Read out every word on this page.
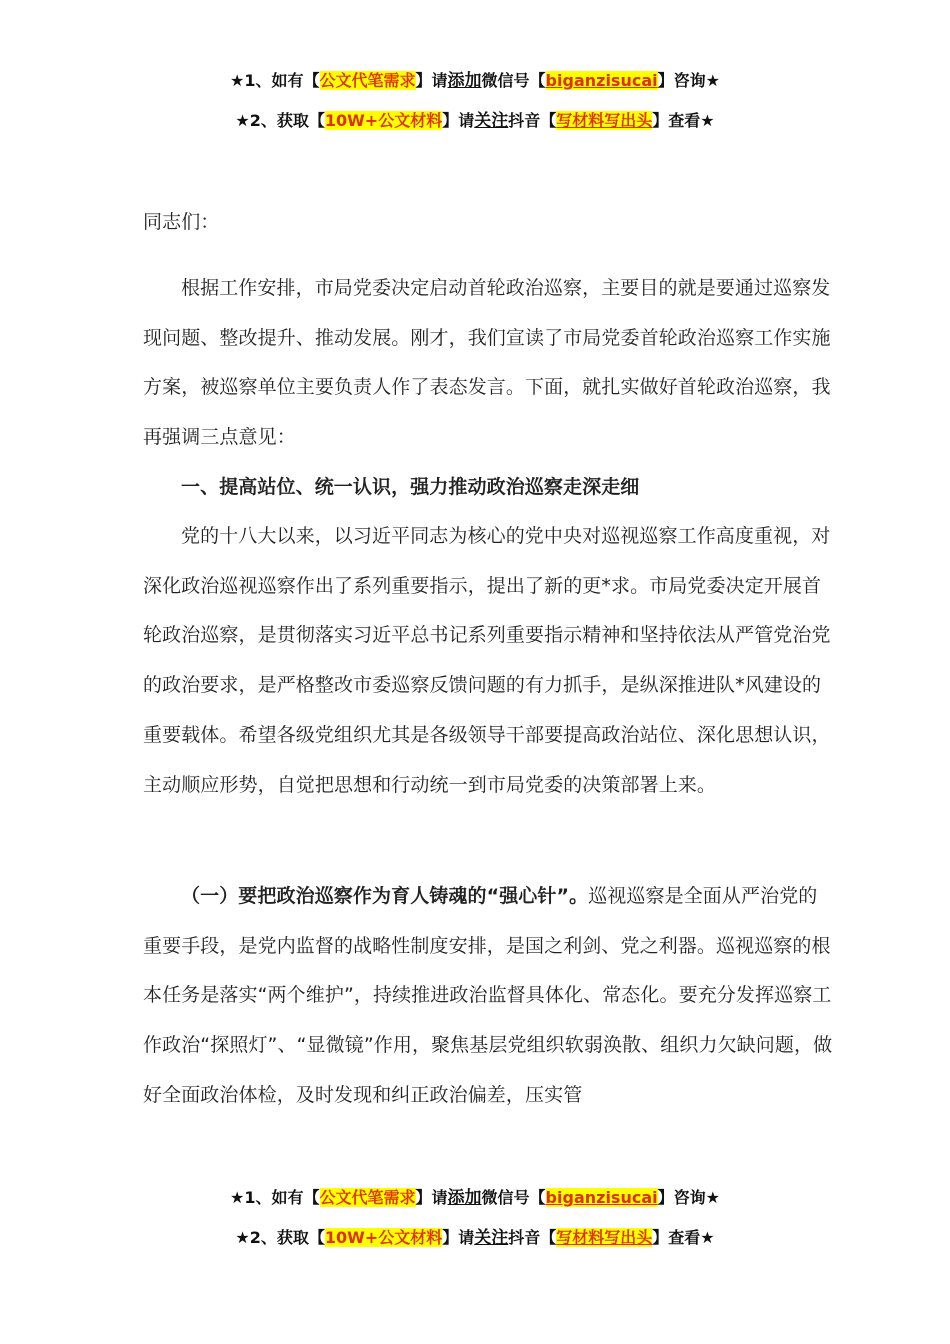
★1、如有【公文代笔需求】请添加微信号【biganzisucai】咨询★
★2、获取【10W+公文材料】请关注抖音【写材料写出头】查看★

同志们：

根据工作安排，市局党委决定启动首轮政治巡察，主要目的就是要通过巡察发现问题、整改提升、推动发展。刚才，我们宣读了市局党委首轮政治巡察工作实施方案，被巡察单位主要负责人作了表态发言。下面，就扎实做好首轮政治巡察，我再强调三点意见：

一、提高站位、统一认识，强力推动政治巡察走深走细

党的十八大以来，以习近平同志为核心的党中央对巡视巡察工作高度重视，对深化政治巡视巡察作出了系列重要指示，提出了新的更*求。市局党委决定开展首轮政治巡察，是贯彻落实习近平总书记系列重要指示精神和坚持依法从严管党治党的政治要求，是严格整改市委巡察反馈问题的有力抓手，是纵深推进队*风建设的重要载体。希望各级党组织尤其是各级领导干部要提高政治站位、深化思想认识，主动顺应形势，自觉把思想和行动统一到市局党委的决策部署上来。

（一）要把政治巡察作为育人铸魂的“强心针”。巡视巡察是全面从严治党的重要手段，是党内监督的战略性制度安排，是国之利剑、党之利器。巡视巡察的根本任务是落实“两个维护”，持续推进政治监督具体化、常态化。要充分发挥巡察工作政治“探照灯”、“显微镜”作用，聚焦基层党组织软弱涣散、组织力欠缺问题，做好全面政治体检，及时发现和纠正政治偏差，压实管

★1、如有【公文代笔需求】请添加微信号【biganzisucai】咨询★
★2、获取【10W+公文材料】请关注抖音【写材料写出头】查看★
